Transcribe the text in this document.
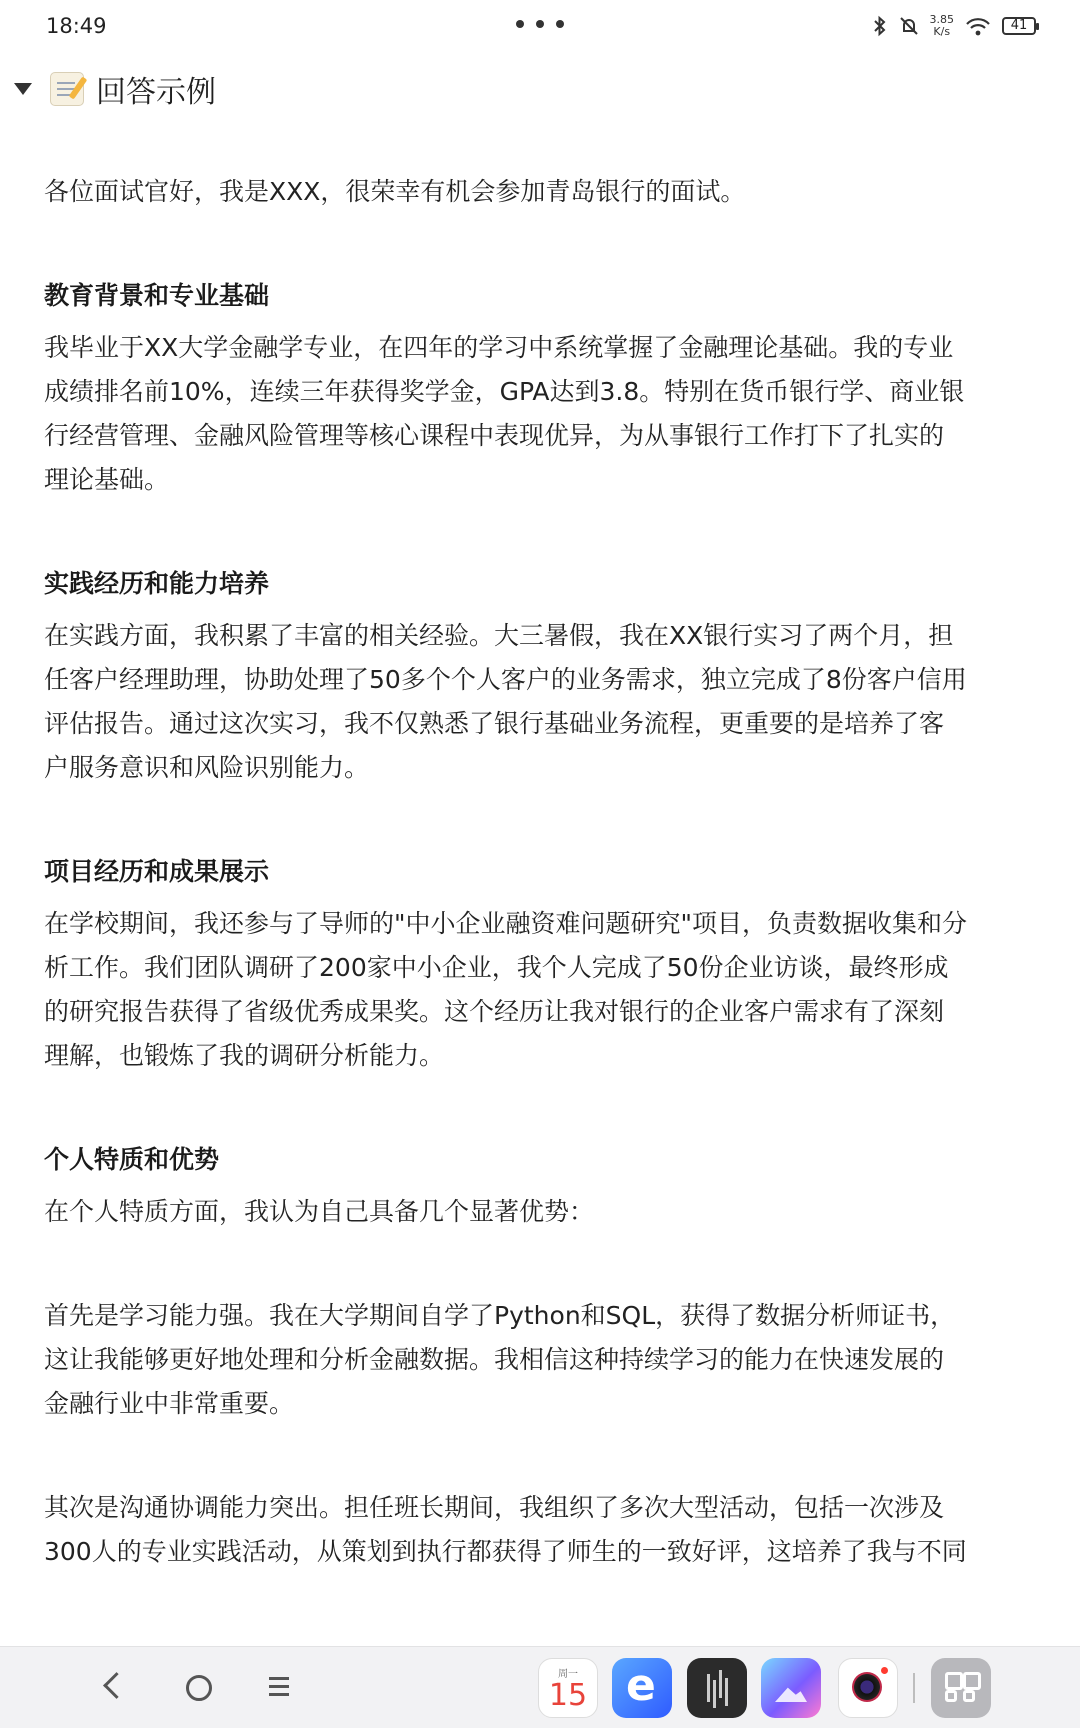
18:49	3.85
K/s	41
回答示例
各位面试官好，我是XXX，很荣幸有机会参加青岛银行的面试。
教育背景和专业基础
我毕业于XX大学金融学专业，在四年的学习中系统掌握了金融理论基础。我的专业
成绩排名前10%，连续三年获得奖学金，GPA达到3.8。特别在货币银行学、商业银
行经营管理、金融风险管理等核心课程中表现优异，为从事银行工作打下了扎实的
理论基础。
实践经历和能力培养
在实践方面，我积累了丰富的相关经验。大三暑假，我在XX银行实习了两个月，担
任客户经理助理，协助处理了50多个个人客户的业务需求，独立完成了8份客户信用
评估报告。通过这次实习，我不仅熟悉了银行基础业务流程，更重要的是培养了客
户服务意识和风险识别能力。
项目经历和成果展示
在学校期间，我还参与了导师的"中小企业融资难问题研究"项目，负责数据收集和分
析工作。我们团队调研了200家中小企业，我个人完成了50份企业访谈，最终形成
的研究报告获得了省级优秀成果奖。这个经历让我对银行的企业客户需求有了深刻
理解，也锻炼了我的调研分析能力。
个人特质和优势
在个人特质方面，我认为自己具备几个显著优势：
首先是学习能力强。我在大学期间自学了Python和SQL，获得了数据分析师证书，
这让我能够更好地处理和分析金融数据。我相信这种持续学习的能力在快速发展的
金融行业中非常重要。
其次是沟通协调能力突出。担任班长期间，我组织了多次大型活动，包括一次涉及
300人的专业实践活动，从策划到执行都获得了师生的一致好评，这培养了我与不同
周一
15
e
